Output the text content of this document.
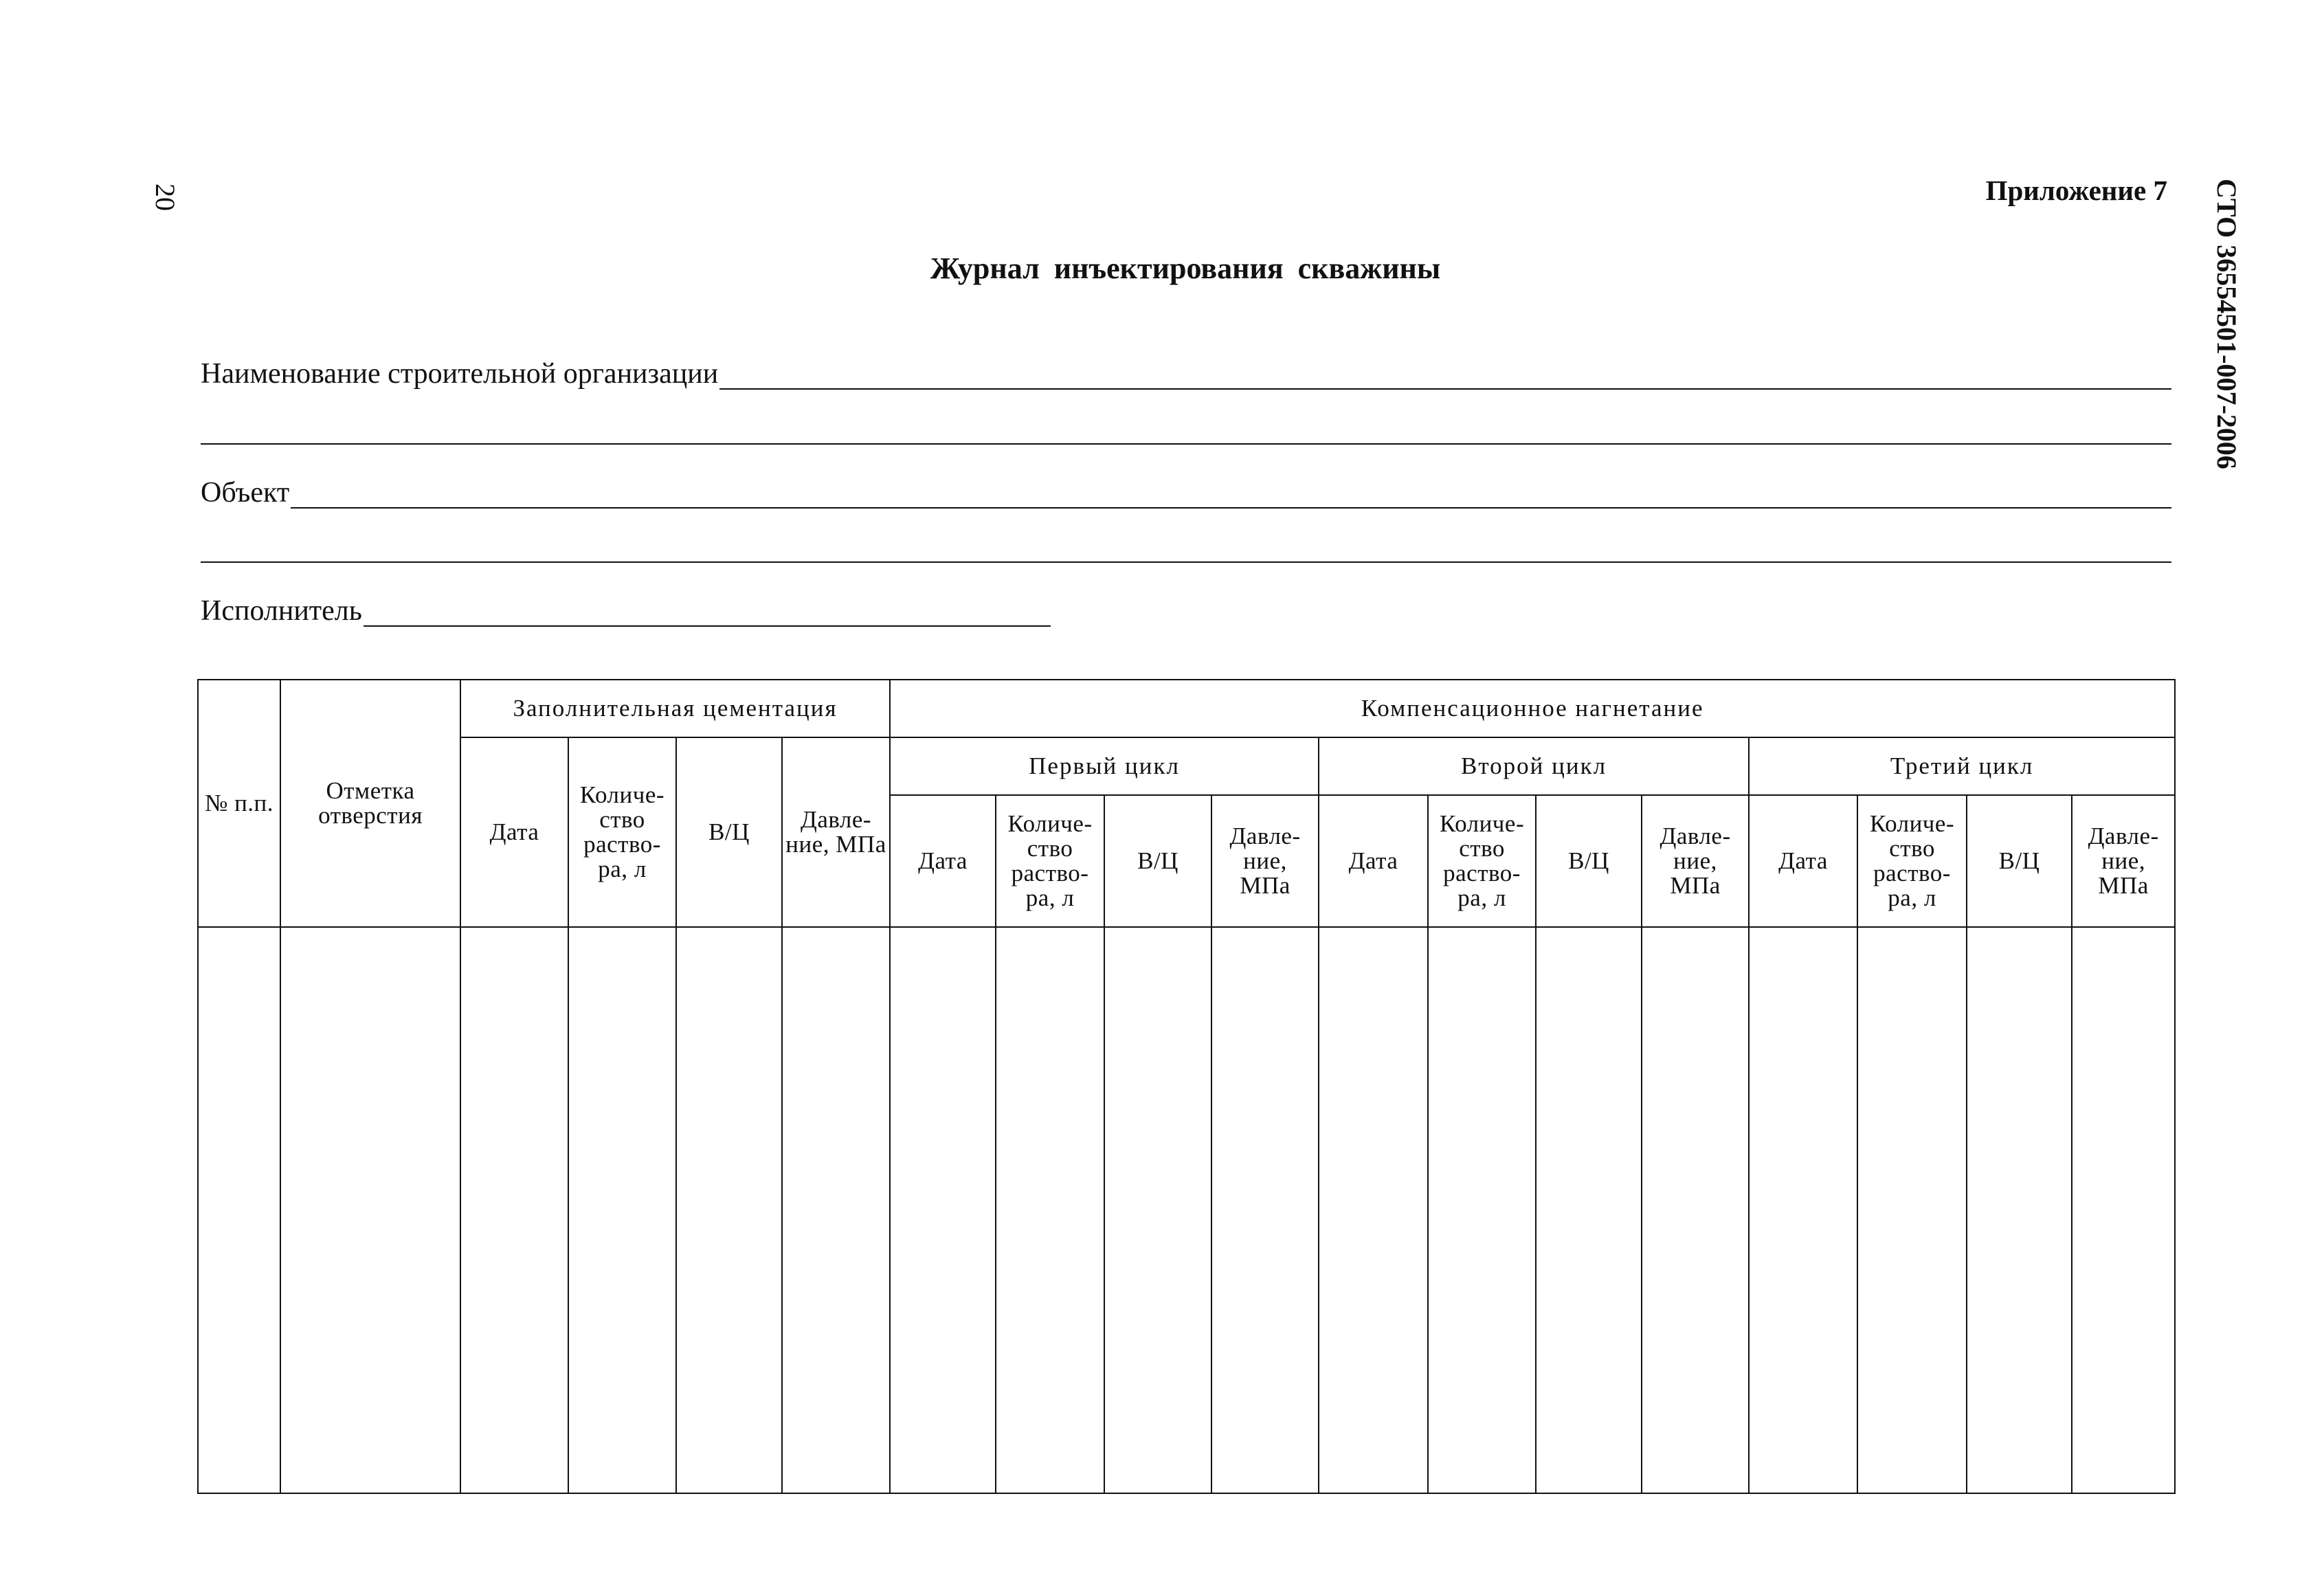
20	СТО 36554501-007-2006
Приложение 7
Журнал инъектирования скважины
Наименование строительной организации
Объект
Исполнитель
№ п.п.	Отметка отверстия	Заполнительная цементация				Компенсационное нагнетание											
		Дата	Количе- ство раство- ра, л	В/Ц	Давле- ние, МПа	Первый цикл				Второй цикл				Третий цикл			
						Дата	Количе- ство раство- ра, л	В/Ц	Давле- ние, МПа	Дата	Количе- ство раство- ра, л	В/Ц	Давле- ние, МПа	Дата	Количе- ство раство- ра, л	В/Ц	Давле- ние, МПа
